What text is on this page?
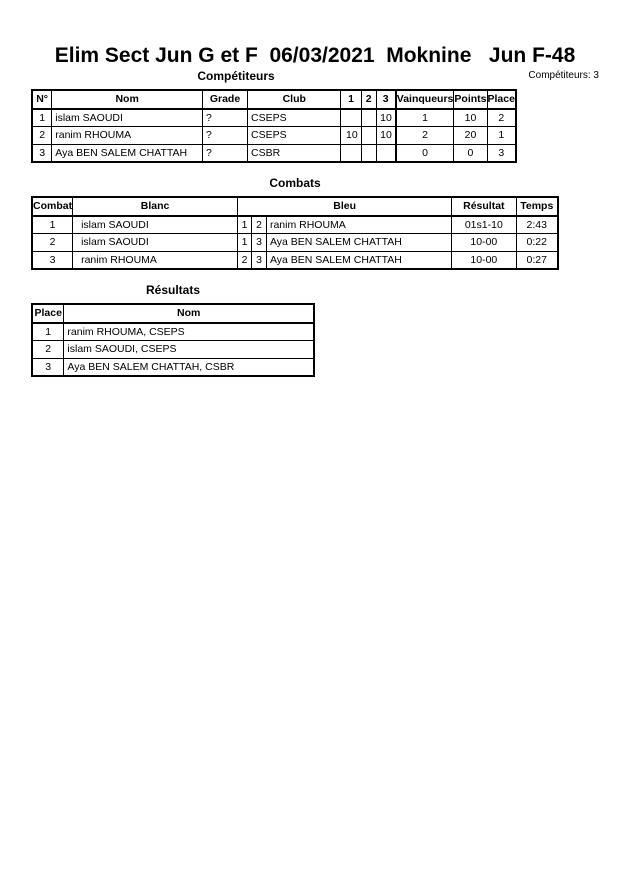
Elim Sect Jun G et F  06/03/2021  Moknine   Jun F-48
Compétiteurs	Compétiteurs: 3
N°	Nom	Grade	Club	1	2	3	Vainqueurs	Points	Place
1	islam SAOUDI	?	CSEPS			10	1	10	2
2	ranim RHOUMA	?	CSEPS	10		10	2	20	1
3	Aya BEN SALEM CHATTAH	?	CSBR				0	0	3
Combats
Combat	Blanc	Bleu			Résultat	Temps
1	islam SAOUDI	1	2	ranim RHOUMA	01s1-10	2:43
2	islam SAOUDI	1	3	Aya BEN SALEM CHATTAH	10-00	0:22
3	ranim RHOUMA	2	3	Aya BEN SALEM CHATTAH	10-00	0:27
Résultats
Place	Nom
1	ranim RHOUMA, CSEPS
2	islam SAOUDI, CSEPS
3	Aya BEN SALEM CHATTAH, CSBR
